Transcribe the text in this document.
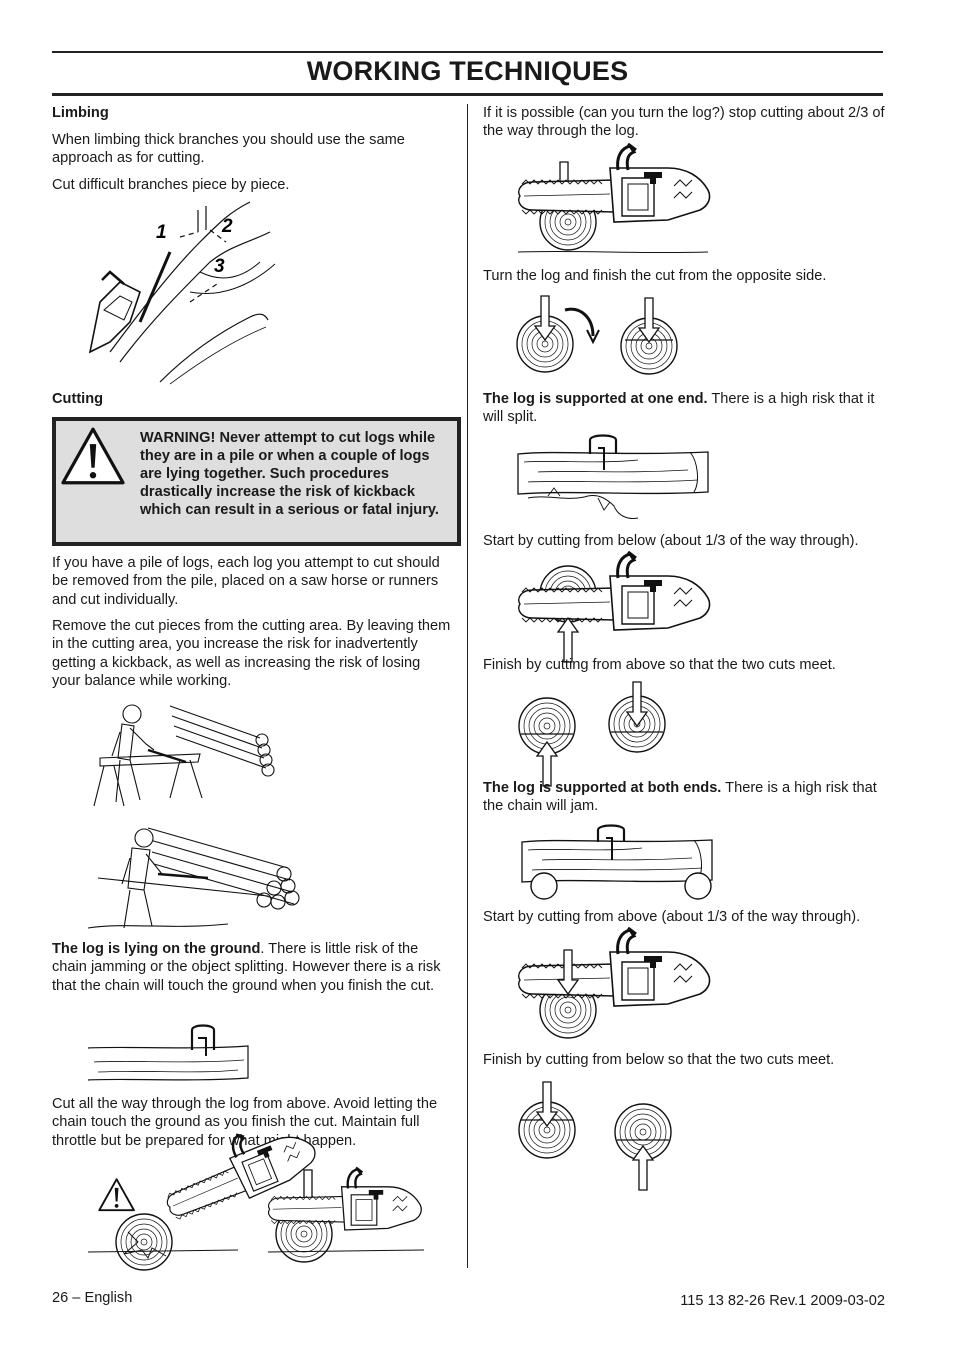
WORKING TECHNIQUES

Limbing

When limbing thick branches you should use the same approach as for cutting.

Cut difficult branches piece by piece.

1	2
3

Cutting

WARNING! Never attempt to cut logs while they are in a pile or when a couple of logs are lying together. Such procedures drastically increase the risk of kickback which can result in a serious or fatal injury.

If you have a pile of logs, each log you attempt to cut should be removed from the pile, placed on a saw horse or runners and cut individually.

Remove the cut pieces from the cutting area. By leaving them in the cutting area, you increase the risk for inadvertently getting a kickback, as well as increasing the risk of losing your balance while working.

The log is lying on the ground. There is little risk of the chain jamming or the object splitting. However there is a risk that the chain will touch the ground when you finish the cut.

Cut all the way through the log from above. Avoid letting the chain touch the ground as you finish the cut. Maintain full throttle but be prepared for what might happen.

If it is possible (can you turn the log?) stop cutting about 2/3 of the way through the log.

Turn the log and finish the cut from the opposite side.

The log is supported at one end. There is a high risk that it will split.

Start by cutting from below (about 1/3 of the way through).

Finish by cutting from above so that the two cuts meet.

The log is supported at both ends. There is a high risk that the chain will jam.

Start by cutting from above (about 1/3 of the way through).

Finish by cutting from below so that the two cuts meet.

26 – English	115 13 82-26 Rev.1 2009-03-02
